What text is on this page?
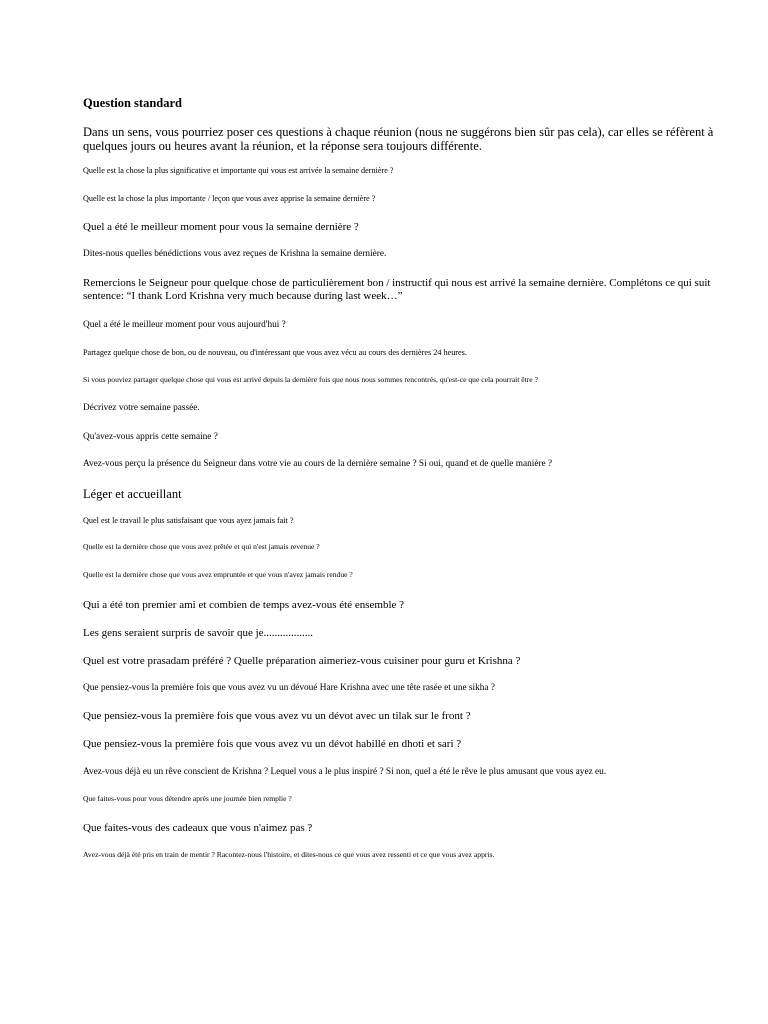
Question standard

Dans un sens, vous pourriez poser ces questions à chaque réunion (nous ne suggérons bien sûr pas cela), car elles se réfèrent à quelques jours ou heures avant la réunion, et la réponse sera toujours différente.

Quelle est la chose la plus significative et importante qui vous est arrivée la semaine dernière ?

Quelle est la chose la plus importante / leçon que vous avez apprise la semaine dernière ?

Quel a été le meilleur moment pour vous la semaine dernière ?

Dites-nous quelles bénédictions vous avez reçues de Krishna la semaine dernière.

Remercions le Seigneur pour quelque chose de particulièrement bon / instructif qui nous est arrivé la semaine dernière. Complétons ce qui suit sentence: “I thank Lord Krishna very much because during last week…”

Quel a été le meilleur moment pour vous aujourd'hui ?

Partagez quelque chose de bon, ou de nouveau, ou d'intéressant que vous avez vécu au cours des dernières 24 heures.

Si vous pouviez partager quelque chose qui vous est arrivé depuis la dernière fois que nous nous sommes rencontrés, qu'est-ce que cela pourrait être ?

Décrivez votre semaine passée.

Qu'avez-vous appris cette semaine ?

Avez-vous perçu la présence du Seigneur dans votre vie au cours de la dernière semaine ? Si oui, quand et de quelle manière ?

Léger et accueillant

Quel est le travail le plus satisfaisant que vous ayez jamais fait ?

Quelle est la dernière chose que vous avez prêtée et qui n'est jamais revenue ?

Quelle est la dernière chose que vous avez empruntée et que vous n'avez jamais rendue ?

Qui a été ton premier ami et combien de temps avez-vous été ensemble ?

Les gens seraient surpris de savoir que je..................

Quel est votre prasadam préféré ? Quelle préparation aimeriez-vous cuisiner pour guru et Krishna ?

Que pensiez-vous la première fois que vous avez vu un dévoué Hare Krishna avec une tête rasée et une sikha ?

Que pensiez-vous la première fois que vous avez vu un dévot avec un tilak sur le front ?

Que pensiez-vous la première fois que vous avez vu un dévot habillé en dhoti et sari ?

Avez-vous déjà eu un rêve conscient de Krishna ? Lequel vous a le plus inspiré ? Si non, quel a été le rêve le plus amusant que vous ayez eu.

Que faites-vous pour vous détendre après une journée bien remplie ?

Que faites-vous des cadeaux que vous n'aimez pas ?

Avez-vous déjà été pris en train de mentir ? Racontez-nous l'histoire, et dites-nous ce que vous avez ressenti et ce que vous avez appris.
